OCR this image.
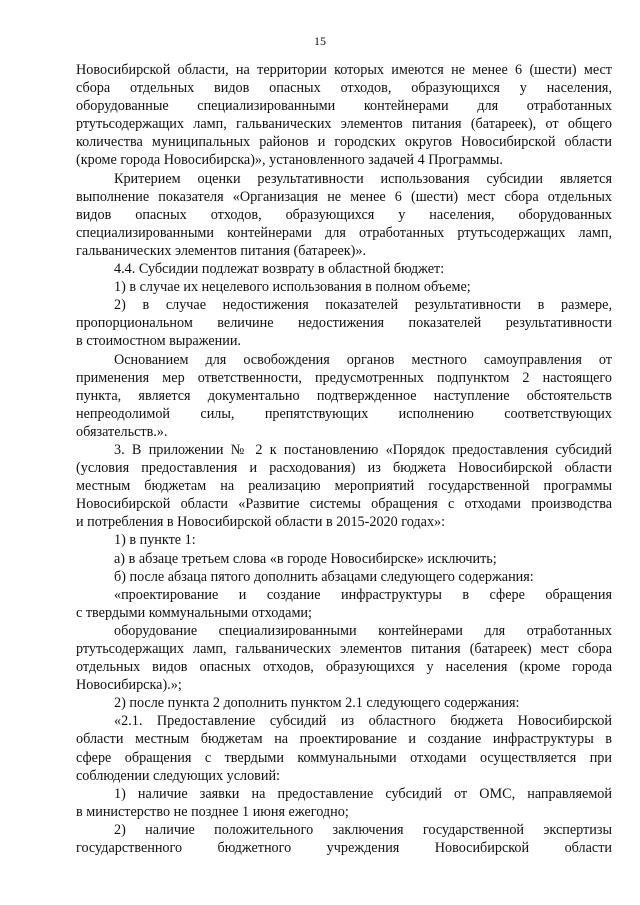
15
Новосибирской области, на территории которых имеются не менее 6 (шести) мест
сбора отдельных видов опасных отходов, образующихся у населения,
оборудованные специализированными контейнерами для отработанных
ртутьсодержащих ламп, гальванических элементов питания (батареек), от общего
количества муниципальных районов и городских округов Новосибирской области
(кроме города Новосибирска)», установленного задачей 4 Программы.
Критерием оценки результативности использования субсидии является
выполнение показателя «Организация не менее 6 (шести) мест сбора отдельных
видов опасных отходов, образующихся у населения, оборудованных
специализированными контейнерами для отработанных ртутьсодержащих ламп,
гальванических элементов питания (батареек)».
4.4. Субсидии подлежат возврату в областной бюджет:
1) в случае их нецелевого использования в полном объеме;
2) в случае недостижения показателей результативности в размере,
пропорциональном величине недостижения показателей результативности
в стоимостном выражении.
Основанием для освобождения органов местного самоуправления от
применения мер ответственности, предусмотренных подпунктом 2 настоящего
пункта, является документально подтвержденное наступление обстоятельств
непреодолимой силы, препятствующих исполнению соответствующих
обязательств.».
3. В приложении № 2 к постановлению «Порядок предоставления субсидий
(условия предоставления и расходования) из бюджета Новосибирской области
местным бюджетам на реализацию мероприятий государственной программы
Новосибирской области «Развитие системы обращения с отходами производства
и потребления в Новосибирской области в 2015-2020 годах»:
1) в пункте 1:
а) в абзаце третьем слова «в городе Новосибирске» исключить;
б) после абзаца пятого дополнить абзацами следующего содержания:
«проектирование и создание инфраструктуры в сфере обращения
с твердыми коммунальными отходами;
оборудование специализированными контейнерами для отработанных
ртутьсодержащих ламп, гальванических элементов питания (батареек) мест сбора
отдельных видов опасных отходов, образующихся у населения (кроме города
Новосибирска).»;
2) после пункта 2 дополнить пунктом 2.1 следующего содержания:
«2.1. Предоставление субсидий из областного бюджета Новосибирской
области местным бюджетам на проектирование и создание инфраструктуры в
сфере обращения с твердыми коммунальными отходами осуществляется при
соблюдении следующих условий:
1) наличие заявки на предоставление субсидий от ОМС, направляемой
в министерство не позднее 1 июня ежегодно;
2) наличие положительного заключения государственной экспертизы
государственного бюджетного учреждения Новосибирской области
